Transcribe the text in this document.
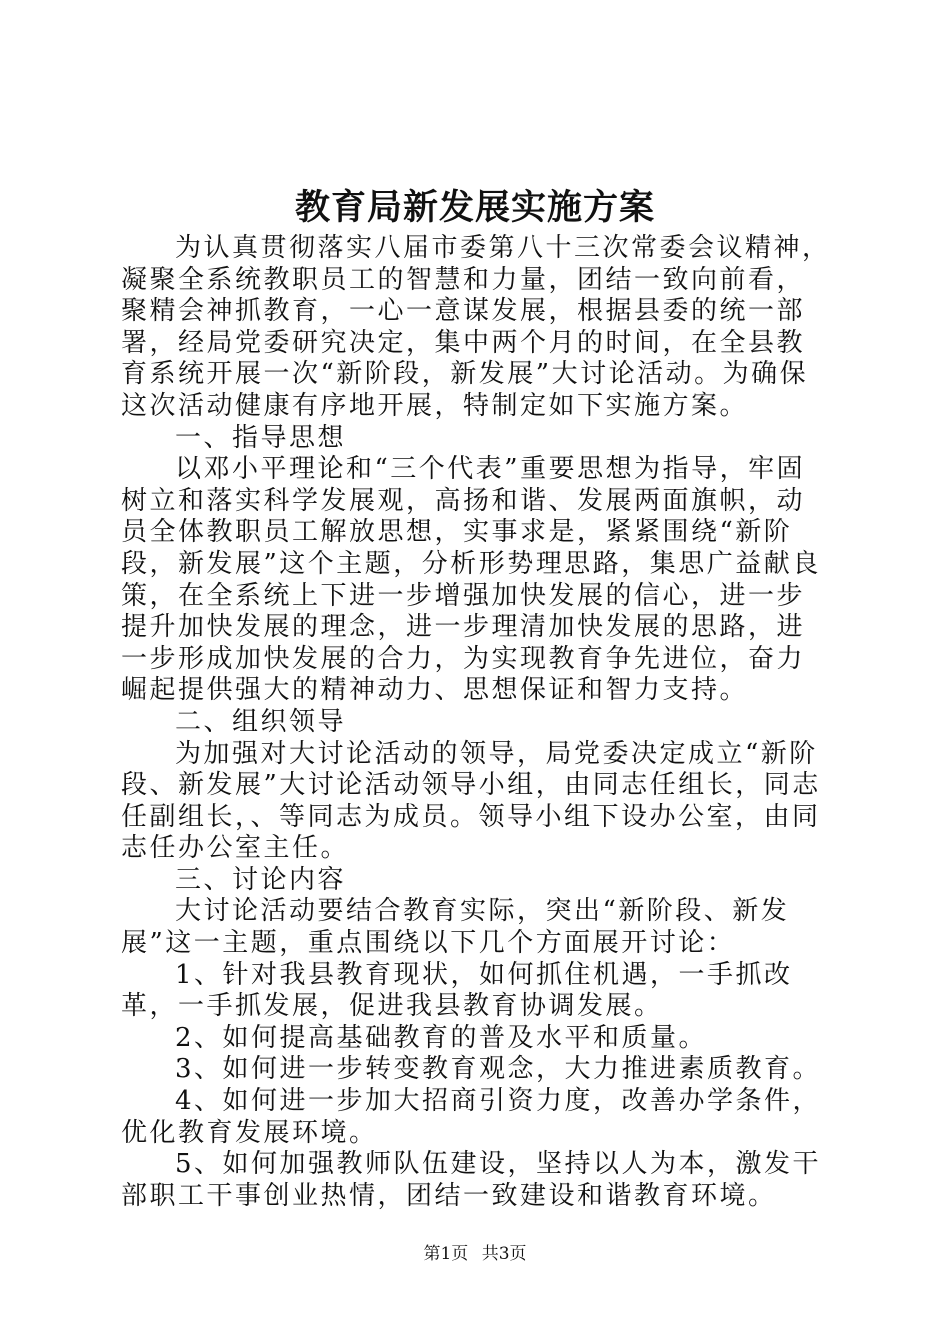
教育局新发展实施方案

为认真贯彻落实八届市委第八十三次常委会议精神，凝聚全系统教职员工的智慧和力量，团结一致向前看，聚精会神抓教育，一心一意谋发展，根据县委的统一部署，经局党委研究决定，集中两个月的时间，在全县教育系统开展一次“新阶段，新发展”大讨论活动。为确保这次活动健康有序地开展，特制定如下实施方案。

一、指导思想

以邓小平理论和“三个代表”重要思想为指导，牢固树立和落实科学发展观，高扬和谐、发展两面旗帜，动员全体教职员工解放思想，实事求是，紧紧围绕“新阶段，新发展”这个主题，分析形势理思路，集思广益献良策，在全系统上下进一步增强加快发展的信心，进一步提升加快发展的理念，进一步理清加快发展的思路，进一步形成加快发展的合力，为实现教育争先进位，奋力崛起提供强大的精神动力、思想保证和智力支持。

二、组织领导

为加强对大讨论活动的领导，局党委决定成立“新阶段、新发展”大讨论活动领导小组，由同志任组长，同志任副组长，、等同志为成员。领导小组下设办公室，由同志任办公室主任。

三、讨论内容

大讨论活动要结合教育实际，突出“新阶段、新发展”这一主题，重点围绕以下几个方面展开讨论：

1、针对我县教育现状，如何抓住机遇，一手抓改革，一手抓发展，促进我县教育协调发展。

2、如何提高基础教育的普及水平和质量。

3、如何进一步转变教育观念，大力推进素质教育。

4、如何进一步加大招商引资力度，改善办学条件，优化教育发展环境。

5、如何加强教师队伍建设，坚持以人为本，激发干部职工干事创业热情，团结一致建设和谐教育环境。

第1页 共3页
